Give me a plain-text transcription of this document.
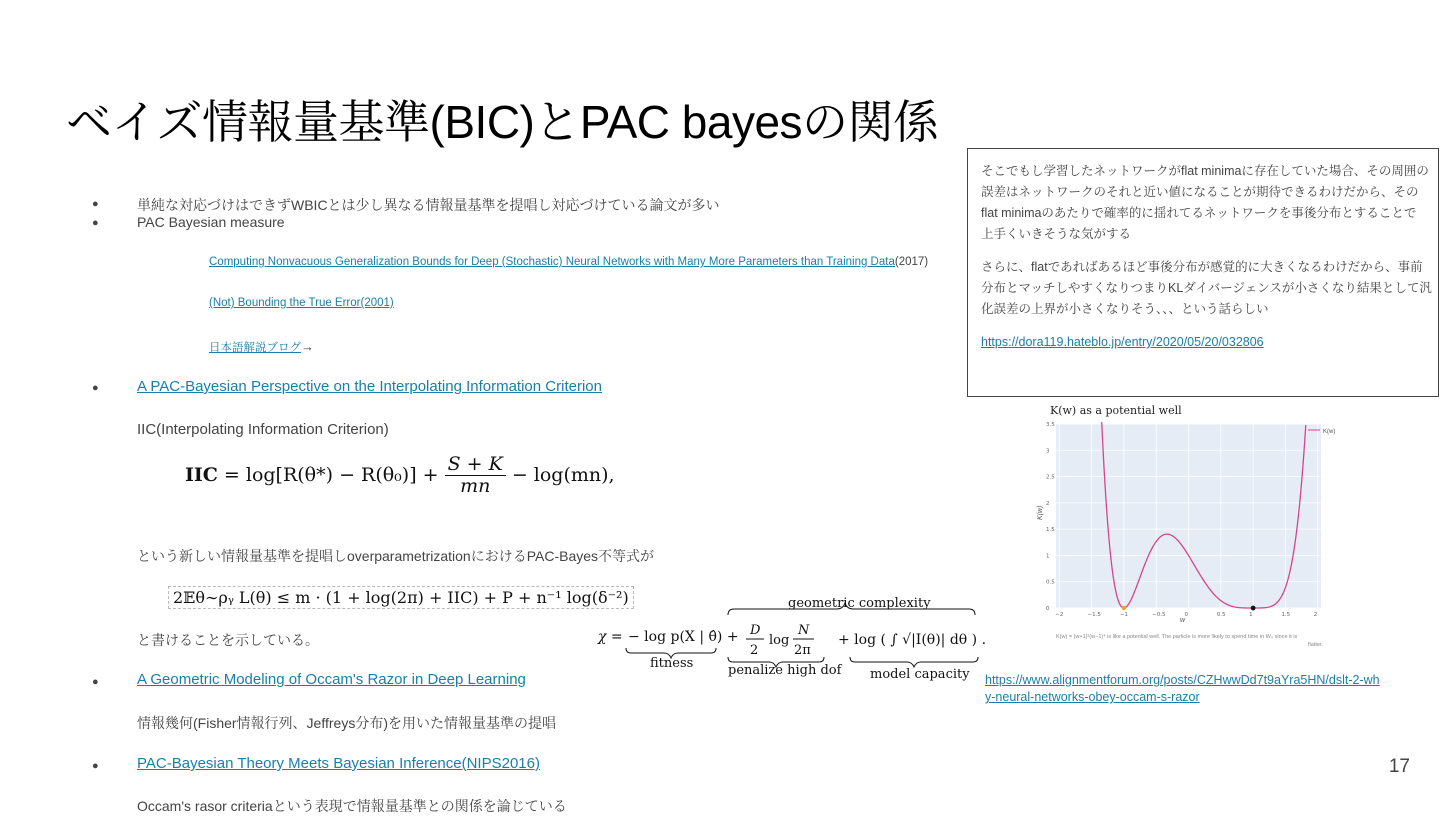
ベイズ情報量基準(BIC)とPAC bayesの関係
●	単純な対応づけはできずWBICとは少し異なる情報量基準を提唱し対応づけている論文が多い
●	PAC Bayesian measure
Computing Nonvacuous Generalization Bounds for Deep (Stochastic) Neural Networks with Many More Parameters than Training Data(2017)
(Not) Bounding the True Error(2001)
日本語解説ブログ→
●	A PAC-Bayesian Perspective on the Interpolating Information Criterion
IIC(Interpolating Information Criterion)
IIC = $\log[R(\theta*) - R(\theta_0)] + \frac{S + K}{mn} - \log(mn)$,
という新しい情報量基準を提唱しoverparametrizationにおけるPAC-Bayes不等式が
2𝔼θ∼ρᵧ L(θ) ≤ m · (1 + log(2π) + IIC) + P + n⁻¹ log(δ⁻²)
と書けることを示している。
●	A Geometric Modeling of Occam's Razor in Deep Learning
情報幾何(Fisher情報行列、Jeffreys分布)を用いた情報量基準の提唱
●	PAC-Bayesian Theory Meets Bayesian Inference(NIPS2016)
Occam's rasor criteriaという表現で情報量基準との関係を論じている
χ = − log p(X | θ̂) +
geometric complexity
D
2
log
N
2π
+ log ( ∫ √|I(θ)| dθ ) .
fitness	penalize high dof model capacity

そこでもし学習したネットワークがflat minimaに存在していた場合、その周囲の
誤差はネットワークのそれと近い値になることが期待できるわけだから、その
flat minimaのあたりで確率的に揺れてるネットワークを事後分布とすることで
上手くいきそうな気がする

さらに、flatであればあるほど事後分布が感覚的に大きくなるわけだから、事前
分布とマッチしやすくなりつまりKLダイバージェンスが小さくなり結果として汎
化誤差の上界が小さくなりそう、、、という話らしい

https://dora119.hateblo.jp/entry/2020/05/20/032806

K(w) as a potential well
K(w)
−2	−1.5	−1	−0.5	0	0.5	1	1.5	2
3.5
3
2.5
2
1.5
1
0.5
0
w
K(w)
K(w) = (w+1)²(w−1)⁴ is like a potential well. The particle is more likely to spend time in W₀ since it is
flatter.
https://www.alignmentforum.org/posts/CZHwwDd7t9aYra5HN/dslt-2-wh
y-neural-networks-obey-occam-s-razor
17
